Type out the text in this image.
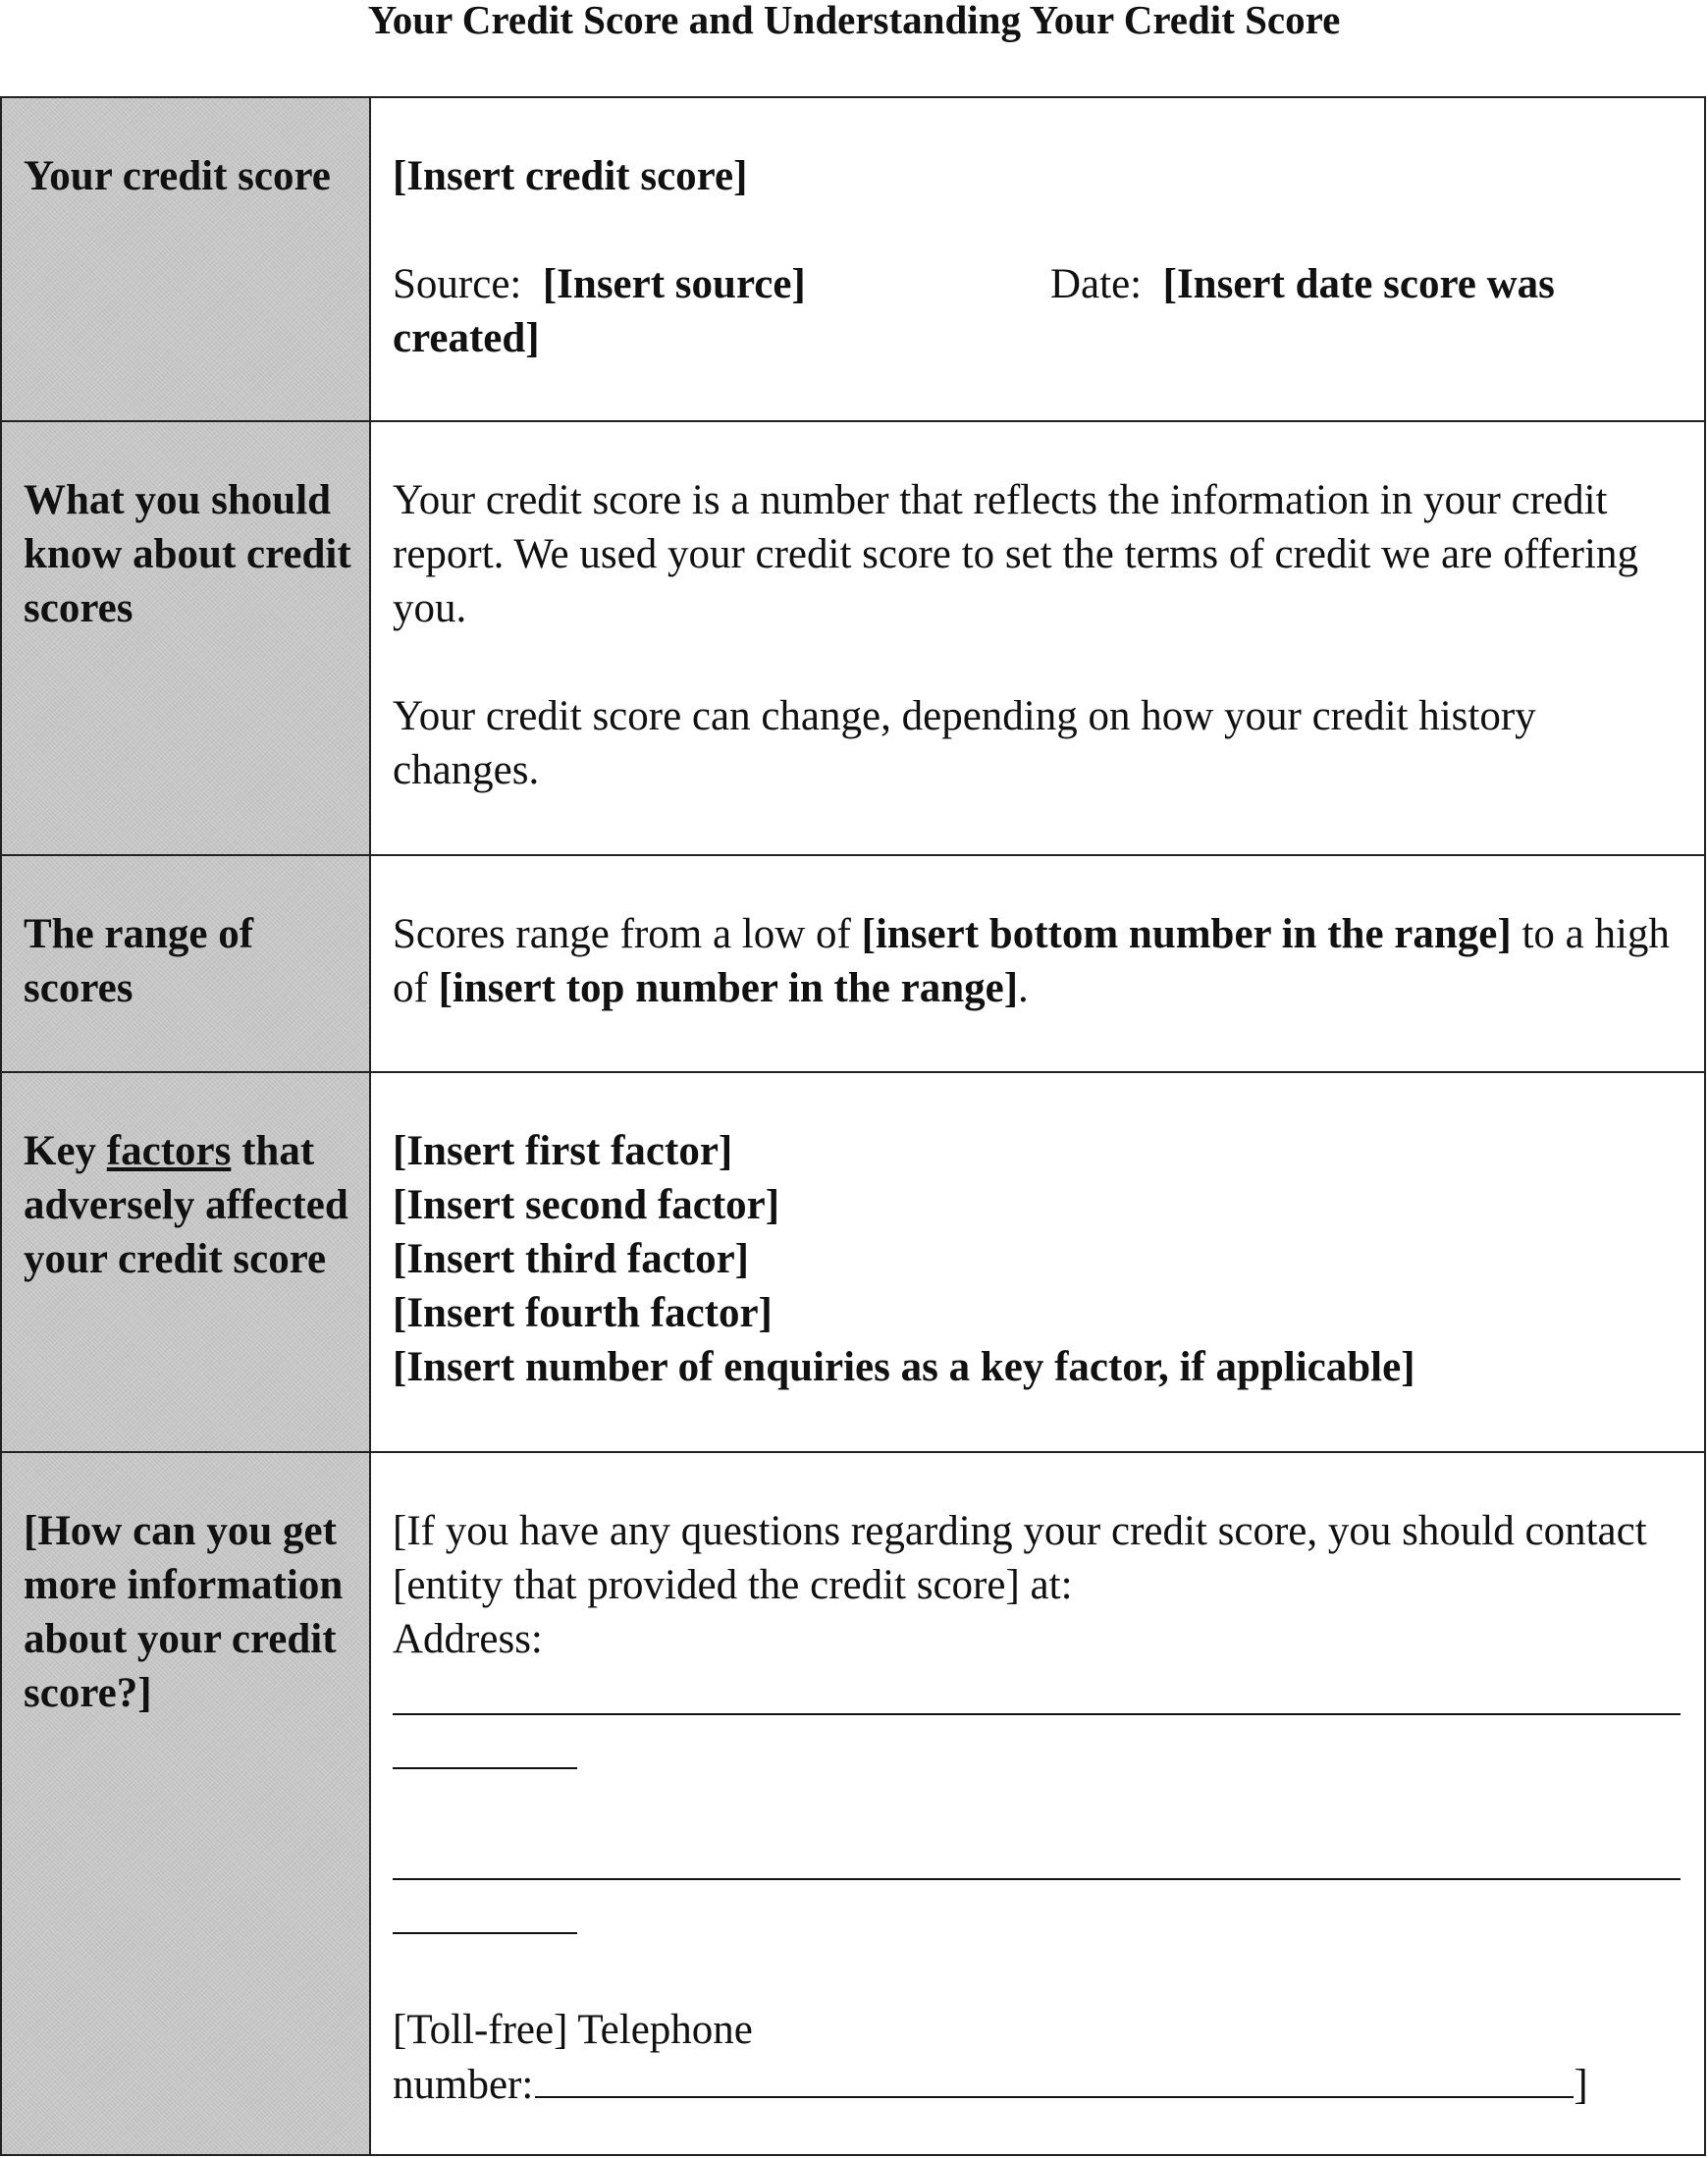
Your Credit Score and Understanding Your Credit Score
Your credit score	[Insert credit score]

Source: [Insert source] Date: [Insert date score was

created]

What you should know about credit scores	Your credit score is a number that reflects the information in your credit report. We used your credit score to set the terms of credit we are offering you.

Your credit score can change, depending on how your credit history changes.

The range of scores	Scores range from a low of [insert bottom number in the range] to a high of [insert top number in the range].

Key factors that adversely affected your credit score	[Insert first factor]
[Insert second factor]
[Insert third factor]
[Insert fourth factor]
[Insert number of enquiries as a key factor, if applicable]

[How can you get more information about your credit score?]	[If you have any questions regarding your credit score, you should contact [entity that provided the credit score] at:

Address:

[Toll-free] Telephone

number: ]
